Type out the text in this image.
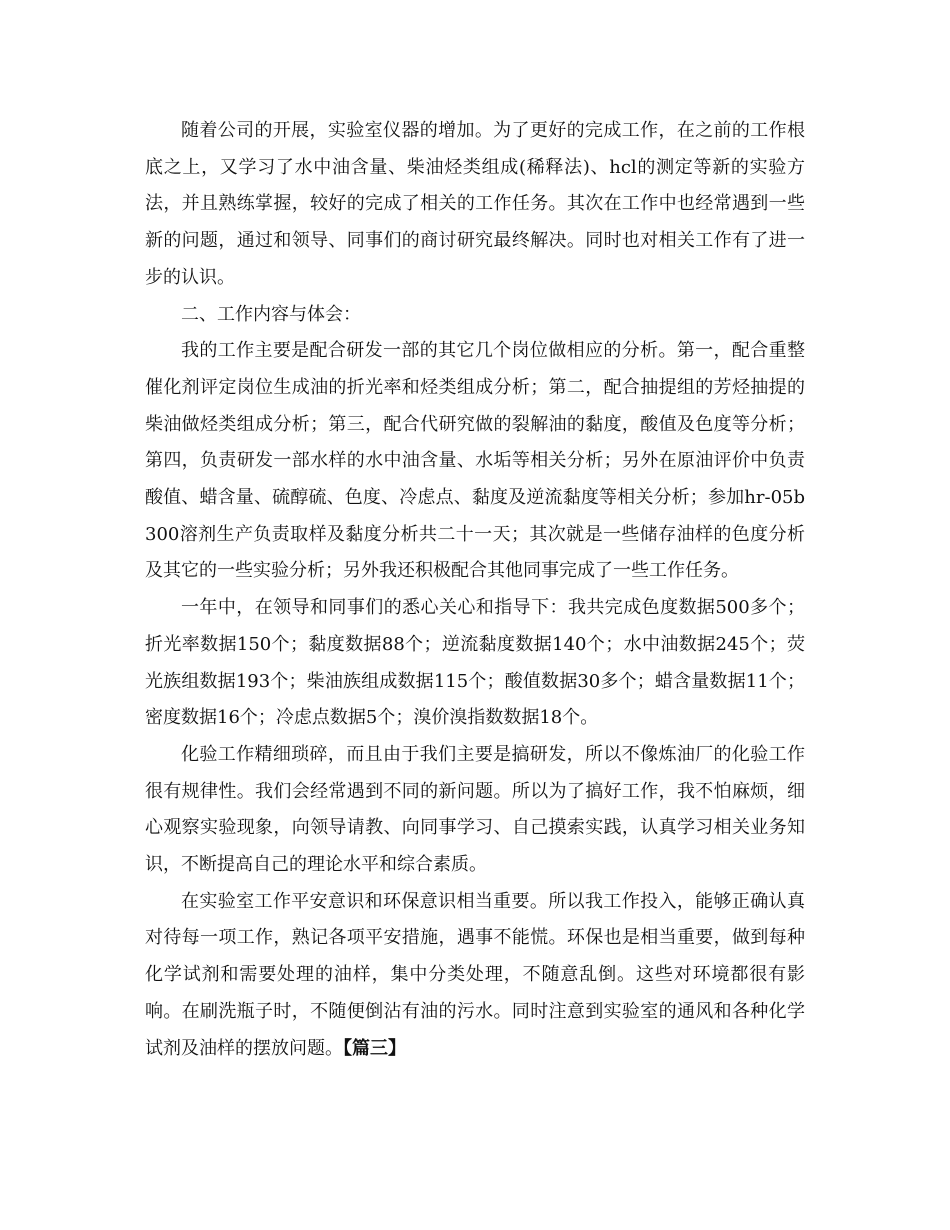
随着公司的开展，实验室仪器的增加。为了更好的完成工作，在之前的工作根底之上，又学习了水中油含量、柴油烃类组成(稀释法)、hcl的测定等新的实验方法，并且熟练掌握，较好的完成了相关的工作任务。其次在工作中也经常遇到一些新的问题，通过和领导、同事们的商讨研究最终解决。同时也对相关工作有了进一步的认识。

二、工作内容与体会：

我的工作主要是配合研发一部的其它几个岗位做相应的分析。第一，配合重整催化剂评定岗位生成油的折光率和烃类组成分析；第二，配合抽提组的芳烃抽提的柴油做烃类组成分析；第三，配合代研究做的裂解油的黏度，酸值及色度等分析；第四，负责研发一部水样的水中油含量、水垢等相关分析；另外在原油评价中负责酸值、蜡含量、硫醇硫、色度、冷虑点、黏度及逆流黏度等相关分析；参加hr-05b300溶剂生产负责取样及黏度分析共二十一天；其次就是一些储存油样的色度分析及其它的一些实验分析；另外我还积极配合其他同事完成了一些工作任务。

一年中，在领导和同事们的悉心关心和指导下：我共完成色度数据500多个；折光率数据150个；黏度数据88个；逆流黏度数据140个；水中油数据245个；荧光族组数据193个；柴油族组成数据115个；酸值数据30多个；蜡含量数据11个；密度数据16个；冷虑点数据5个；溴价溴指数数据18个。

化验工作精细琐碎，而且由于我们主要是搞研发，所以不像炼油厂的化验工作很有规律性。我们会经常遇到不同的新问题。所以为了搞好工作，我不怕麻烦，细心观察实验现象，向领导请教、向同事学习、自己摸索实践，认真学习相关业务知识，不断提高自己的理论水平和综合素质。

在实验室工作平安意识和环保意识相当重要。所以我工作投入，能够正确认真对待每一项工作，熟记各项平安措施，遇事不能慌。环保也是相当重要，做到每种化学试剂和需要处理的油样，集中分类处理，不随意乱倒。这些对环境都很有影响。在刷洗瓶子时，不随便倒沾有油的污水。同时注意到实验室的通风和各种化学试剂及油样的摆放问题。【篇三】
